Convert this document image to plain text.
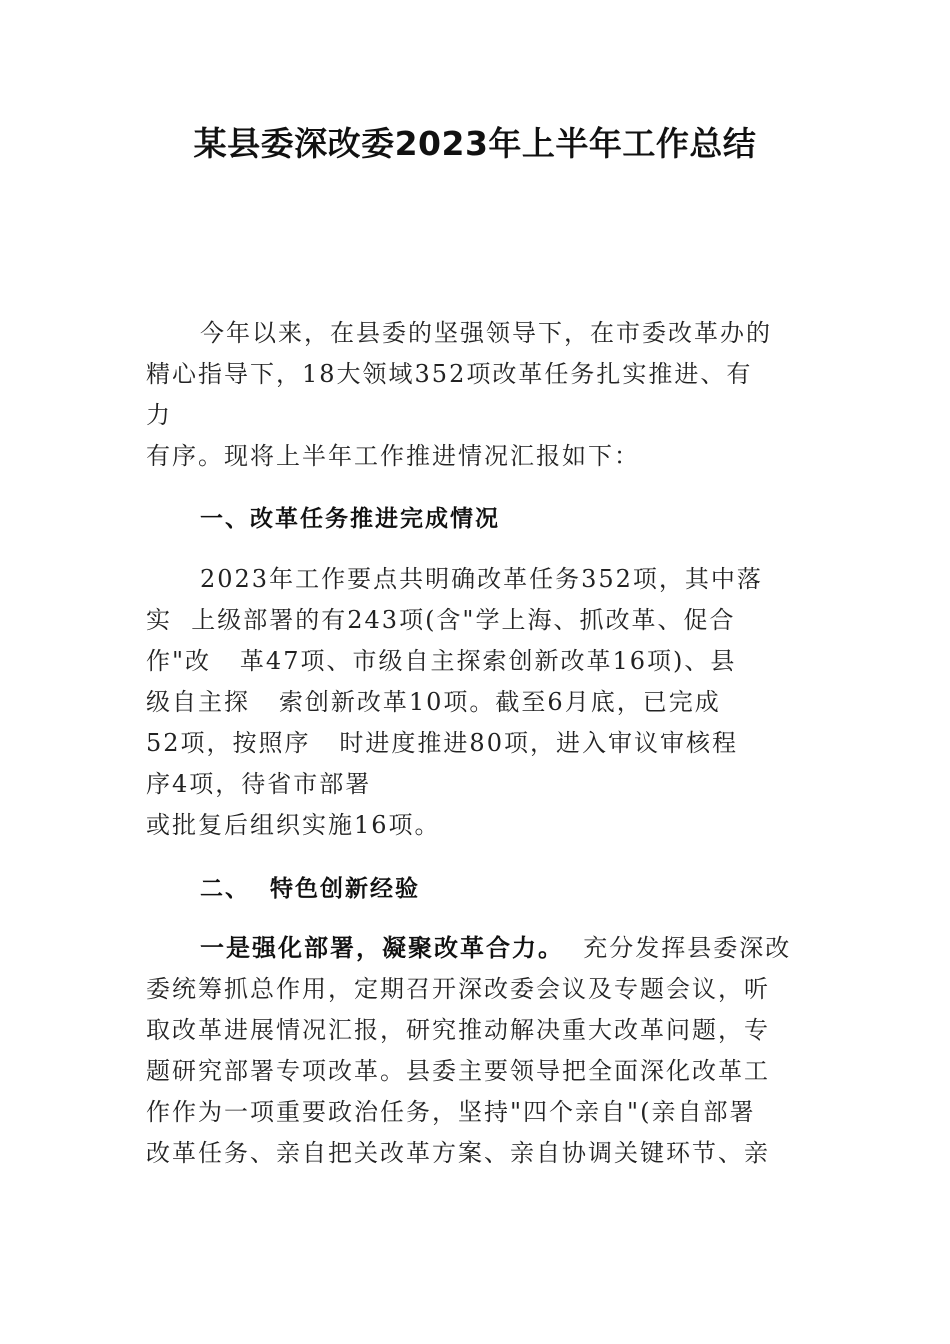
某县委深改委2023年上半年工作总结
今年以来，在县委的坚强领导下，在市委改革办的
精心指导下，18大领域352项改革任务扎实推进、有
力
有序。现将上半年工作推进情况汇报如下：
一、改革任务推进完成情况
2023年工作要点共明确改革任务352项，其中落
实  上级部署的有243项(含"学上海、抓改革、促合
作"改   革47项、市级自主探索创新改革16项)、县
级自主探   索创新改革10项。截至6月底，已完成
52项，按照序   时进度推进80项，进入审议审核程
序4项，待省市部署
或批复后组织实施16项。
二、  特色创新经验
一是强化部署，凝聚改革合力。  充分发挥县委深改
委统筹抓总作用，定期召开深改委会议及专题会议，听
取改革进展情况汇报，研究推动解决重大改革问题，专
题研究部署专项改革。县委主要领导把全面深化改革工
作作为一项重要政治任务，坚持"四个亲自"(亲自部署
改革任务、亲自把关改革方案、亲自协调关键环节、亲
